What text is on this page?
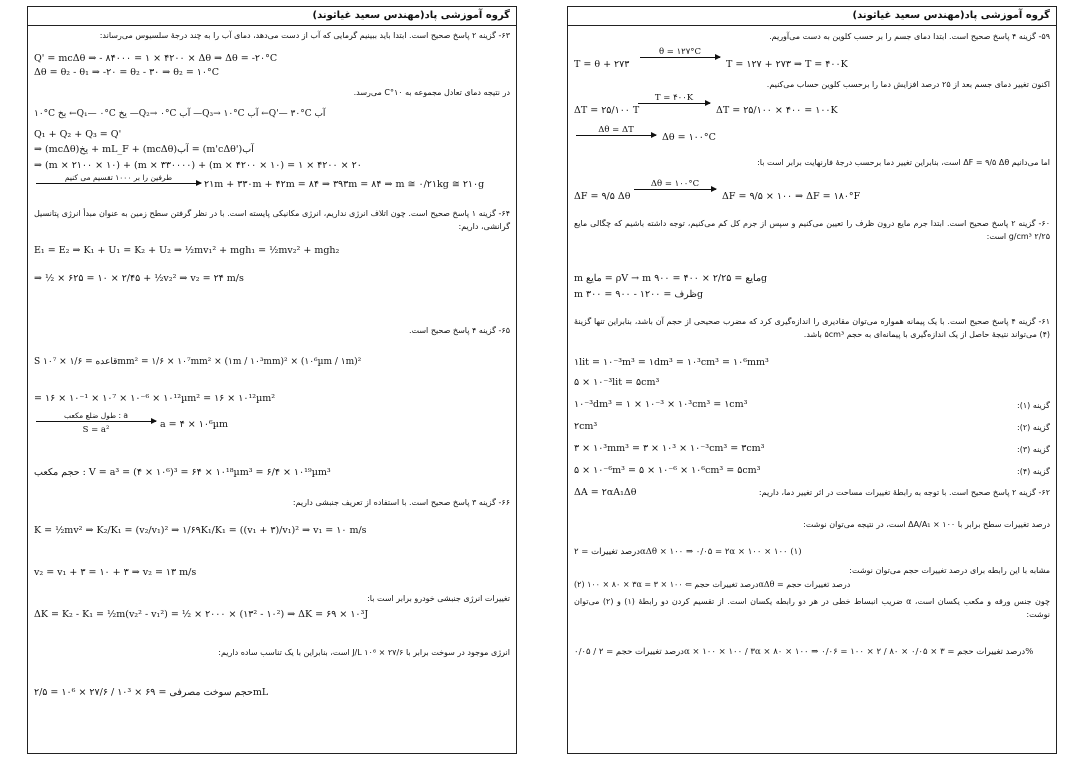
گروه آموزشی پاد(مهندس سعید غیاثوند)
۶۳- گزینه ۲ پاسخ صحیح است. ابتدا باید ببینیم گرمایی که آب از دست می‌دهد، دمای آب را به چند درجهٔ سلسیوس می‌رساند:
Q' = mcΔθ ⇒ - ۸۴۰۰۰ = ۱ × ۴۲۰۰ × Δθ ⇒ Δθ = -۲۰°C
Δθ = θ₂ - θ₁ ⇒ -۲۰ = θ₂ - ۳۰ ⇒ θ₂ = ۱۰°C
در نتیجه دمای تعادل مجموعه به ۱۰°C می‌رسد.
۱۰°C یخ ←Q₁— ۰°C یخ —Q₂→ ۰°C آب —Q₃→ ۱۰°C آب ←Q'— ۳۰°C آب
Q₁ + Q₂ + Q₃ = Q'
⇒ (mcΔθ)یخ + mL_F + (mcΔθ)آب = (m'cΔθ')آب
⇒ (m × ۲۱۰۰ × ۱۰) + (m × ۳۳۰۰۰۰) + (m × ۴۲۰۰ × ۱۰) = ۱ × ۴۲۰۰ × ۲۰
طرفین را بر ۱۰۰۰ تقسیم می کنیم
۲۱m + ۳۳۰m + ۴۲m = ۸۴ ⇒ ۳۹۳m = ۸۴ ⇒ m ≅ ۰/۲۱kg ≅ ۲۱۰g
۶۴- گزینه ۱ پاسخ صحیح است. چون اتلاف انرژی نداریم، انرژی مکانیکی پایسته است. با در نظر گرفتن سطح زمین به عنوان مبدأ انرژی پتانسیل گرانشی، داریم:
E₁ = E₂ ⇒ K₁ + U₁ = K₂ + U₂ ⇒ ½mv₁² + mgh₁ = ½mv₂² + mgh₂
⇒ ½ × ۶۲۵ = ۱۰ × ۲/۴۵ + ½v₂² ⇒ v₂ = ۲۴ m/s
۶۵- گزینه ۴ پاسخ صحیح است.
S قاعده = ۱/۶ × ۱۰⁷mm² = ۱/۶ × ۱۰⁷mm² × (۱m / ۱۰³mm)² × (۱۰⁶µm / ۱m)²
= ۱۶ × ۱۰⁻¹ × ۱۰⁷ × ۱۰⁻⁶ × ۱۰¹²µm² = ۱۶ × ۱۰¹²µm²
a : طول ضلع مکعب
S = a²	a = ۴ × ۱۰⁶µm
حجم مکعب : V = a³ = (۴ × ۱۰⁶)³ = ۶۴ × ۱۰¹⁸µm³ = ۶/۴ × ۱۰¹⁹µm³
۶۶- گزینه ۳ پاسخ صحیح است. با استفاده از تعریف جنبشی داریم:
K = ½mv² ⇒ K₂/K₁ = (v₂/v₁)² ⇒ ۱/۶۹K₁/K₁ = ((v₁ + ۳)/v₁)² ⇒ v₁ = ۱۰ m/s
v₂ = v₁ + ۳ = ۱۰ + ۳ ⇒ v₂ = ۱۳ m/s
تغییرات انرژی جنبشی خودرو برابر است با:
ΔK = K₂ - K₁ = ½m(v₂² - v₁²) = ½ × ۲۰۰۰ × (۱۳² - ۱۰²) ⇒ ΔK = ۶۹ × ۱۰³J
انرژی موجود در سوخت برابر با ۲۷/۶ × ۱۰⁶ J/L است، بنابراین با یک تناسب ساده داریم:
حجم سوخت مصرفی = ۶۹ × ۱۰³ / ۲۷/۶ × ۱۰⁶ = ۲/۵mL
گروه آموزشی پاد(مهندس سعید غیاثوند)
۵۹- گزینه ۴ پاسخ صحیح است. ابتدا دمای جسم را بر حسب کلوین به دست می‌آوریم.
T = θ + ۲۷۳
θ = ۱۲۷°C
T = ۱۲۷ + ۲۷۳ ⇒ T = ۴۰۰K
اکنون تغییر دمای جسم بعد از ۲۵ درصد افزایش دما را برحسب کلوین حساب می‌کنیم.
ΔT = ۲۵/۱۰۰ T
T = ۴۰۰K
ΔT = ۲۵/۱۰۰ × ۴۰۰ = ۱۰۰K
Δθ = ΔT
Δθ = ۱۰۰°C
اما می‌دانیم ΔF = ۹/۵ Δθ است، بنابراین تغییر دما برحسب درجهٔ فارنهایت برابر است با:
ΔF = ۹/۵ Δθ
Δθ = ۱۰۰°C
ΔF = ۹/۵ × ۱۰۰ ⇒ ΔF = ۱۸۰°F
۶۰- گزینه ۲ پاسخ صحیح است. ابتدا جرم مایع درون ظرف را تعیین می‌کنیم و سپس از جرم کل کم می‌کنیم، توجه داشته باشیم که چگالی مایع ۲/۲۵ g/cm³ است:
m مایع = ρV → m مایع = ۲/۲۵ × ۴۰۰ = ۹۰۰g
m ظرف = ۱۲۰۰ - ۹۰۰ = ۳۰۰g
۶۱- گزینه ۴ پاسخ صحیح است. با یک پیمانه همواره می‌توان مقادیری را اندازه‌گیری کرد که مضرب صحیحی از حجم آن باشد، بنابراین تنها گزینهٔ (۴) می‌تواند نتیجهٔ حاصل از یک اندازه‌گیری با پیمانه‌ای به حجم ۵cm³ باشد.
۱lit = ۱۰⁻³m³ = ۱dm³ = ۱۰³cm³ = ۱۰⁶mm³
۵ × ۱۰⁻³lit = ۵cm³
۱۰⁻³dm³ = ۱ × ۱۰⁻³ × ۱۰³cm³ = ۱cm³	گزینه (۱):
۲cm³	گزینه (۲):
۳ × ۱۰³mm³ = ۳ × ۱۰³ × ۱۰⁻³cm³ = ۳cm³	گزینه (۳):
۵ × ۱۰⁻⁶m³ = ۵ × ۱۰⁻⁶ × ۱۰⁶cm³ = ۵cm³	گزینه (۴):
۶۲- گزینه ۲ پاسخ صحیح است. با توجه به رابطهٔ تغییرات مساحت در اثر تغییر دما، داریم:
ΔA = ۲αA₁Δθ
درصد تغییرات سطح برابر با ۱۰۰ × ΔA/A₁ است، در نتیجه می‌توان نوشت:
درصد تغییرات = ۲αΔθ × ۱۰۰ ⇒ ۰/۰۵ = ۲α × ۱۰۰ × ۱۰۰ (۱)
مشابه با این رابطه برای درصد تغییرات حجم می‌توان نوشت:
(۲) ۱۰۰ × ۸۰ × ۳α = درصد تغییرات حجم ⇐ ۱۰۰ × ۳αΔθ = درصد تغییرات حجم
چون جنس ورقه و مکعب یکسان است، α ضریب انبساط خطی در هر دو رابطه یکسان است. از تقسیم کردن دو رابطهٔ (۱) و (۲) می‌توان نوشت:
۰/۰۵ / درصد تغییرات حجم = ۲α × ۱۰۰ × ۱۰۰ / ۳α × ۸۰ × ۱۰۰ ⇒ درصد تغییرات حجم = ۳ × ۰/۰۵ × ۸۰ / ۲ × ۱۰۰ = ۰/۰۶%
